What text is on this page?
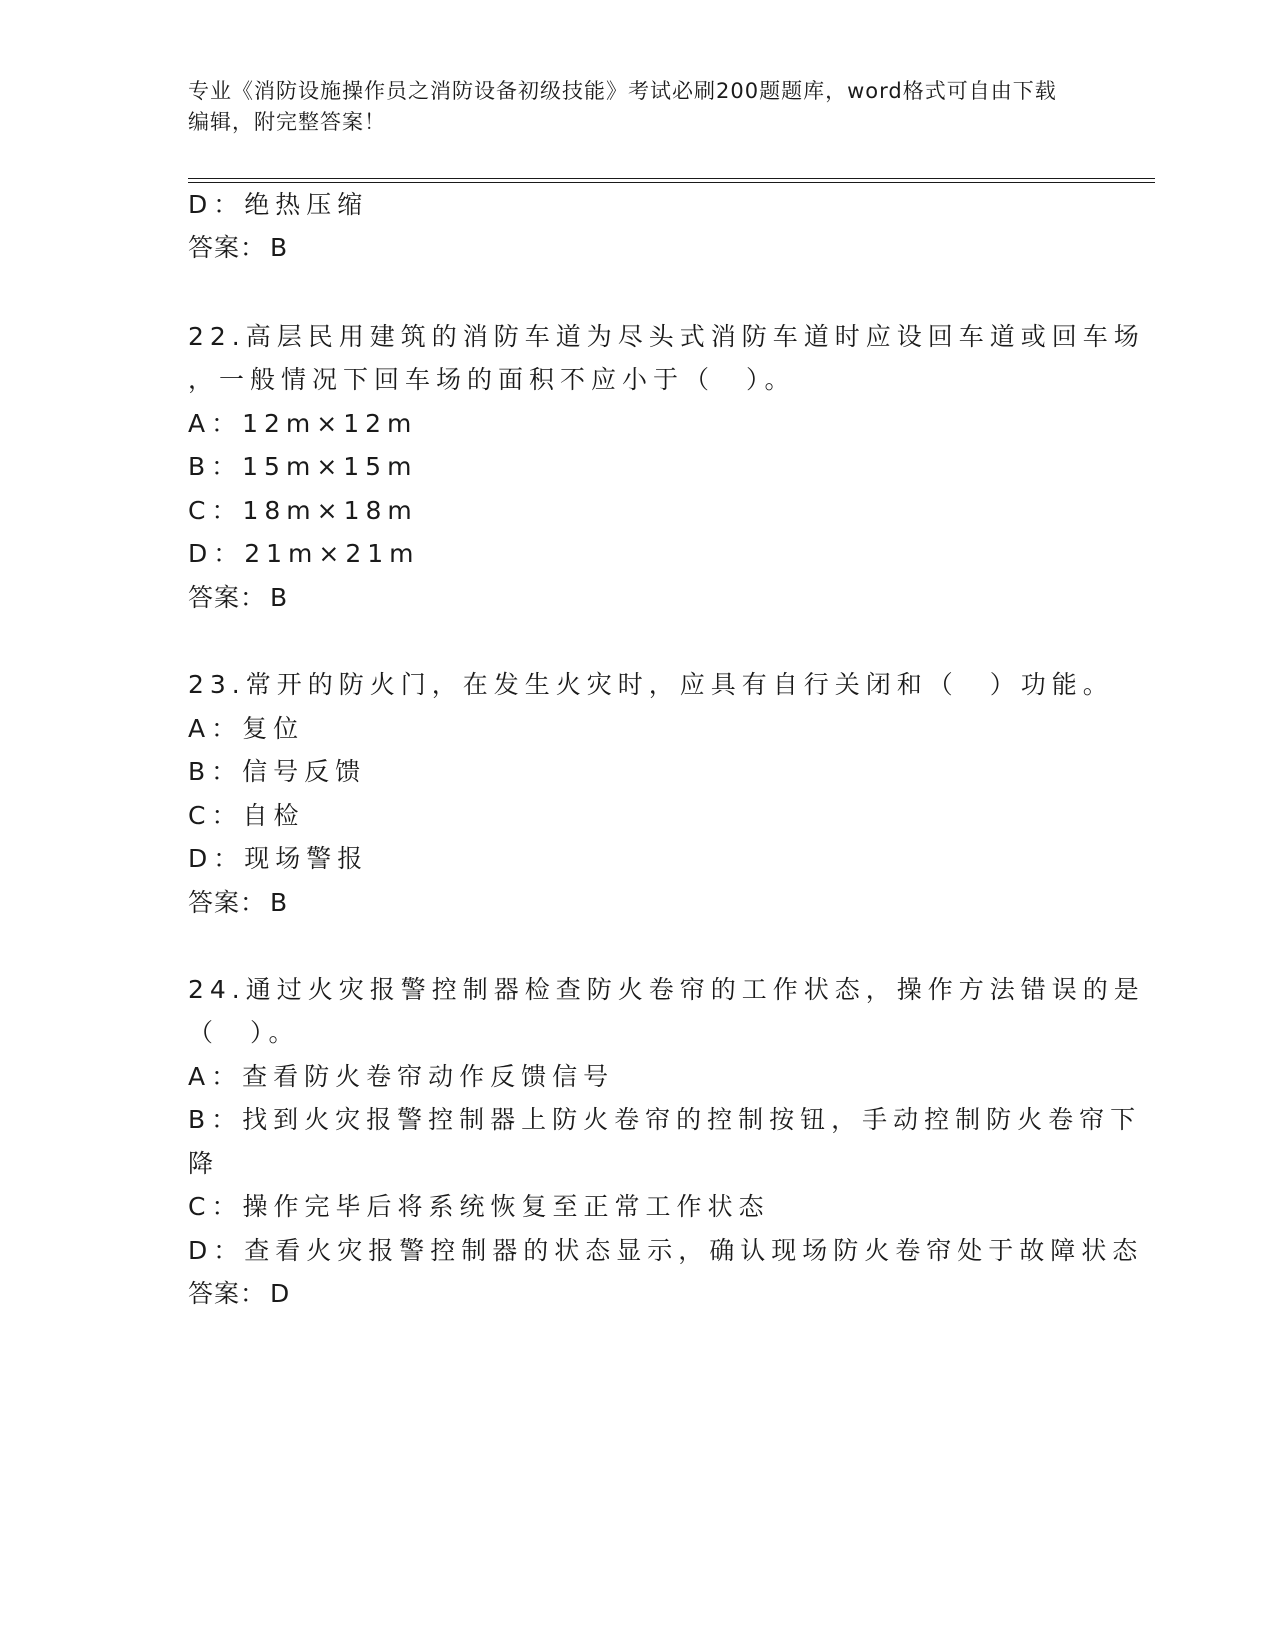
专业《消防设施操作员之消防设备初级技能》考试必刷200题题库，word格式可自由下载编辑，附完整答案！
D：绝热压缩
答案： B
22.高层民用建筑的消防车道为尽头式消防车道时应设回车道或回车场
，一般情况下回车场的面积不应小于（　）。
A：12m×12m
B：15m×15m
C：18m×18m
D：21m×21m
答案： B
23.常开的防火门，在发生火灾时，应具有自行关闭和（　）功能。
A：复位
B：信号反馈
C：自检
D：现场警报
答案： B
24.通过火灾报警控制器检查防火卷帘的工作状态，操作方法错误的是
（　）。
A：查看防火卷帘动作反馈信号
B：找到火灾报警控制器上防火卷帘的控制按钮，手动控制防火卷帘下
降
C：操作完毕后将系统恢复至正常工作状态
D：查看火灾报警控制器的状态显示，确认现场防火卷帘处于故障状态
答案： D
